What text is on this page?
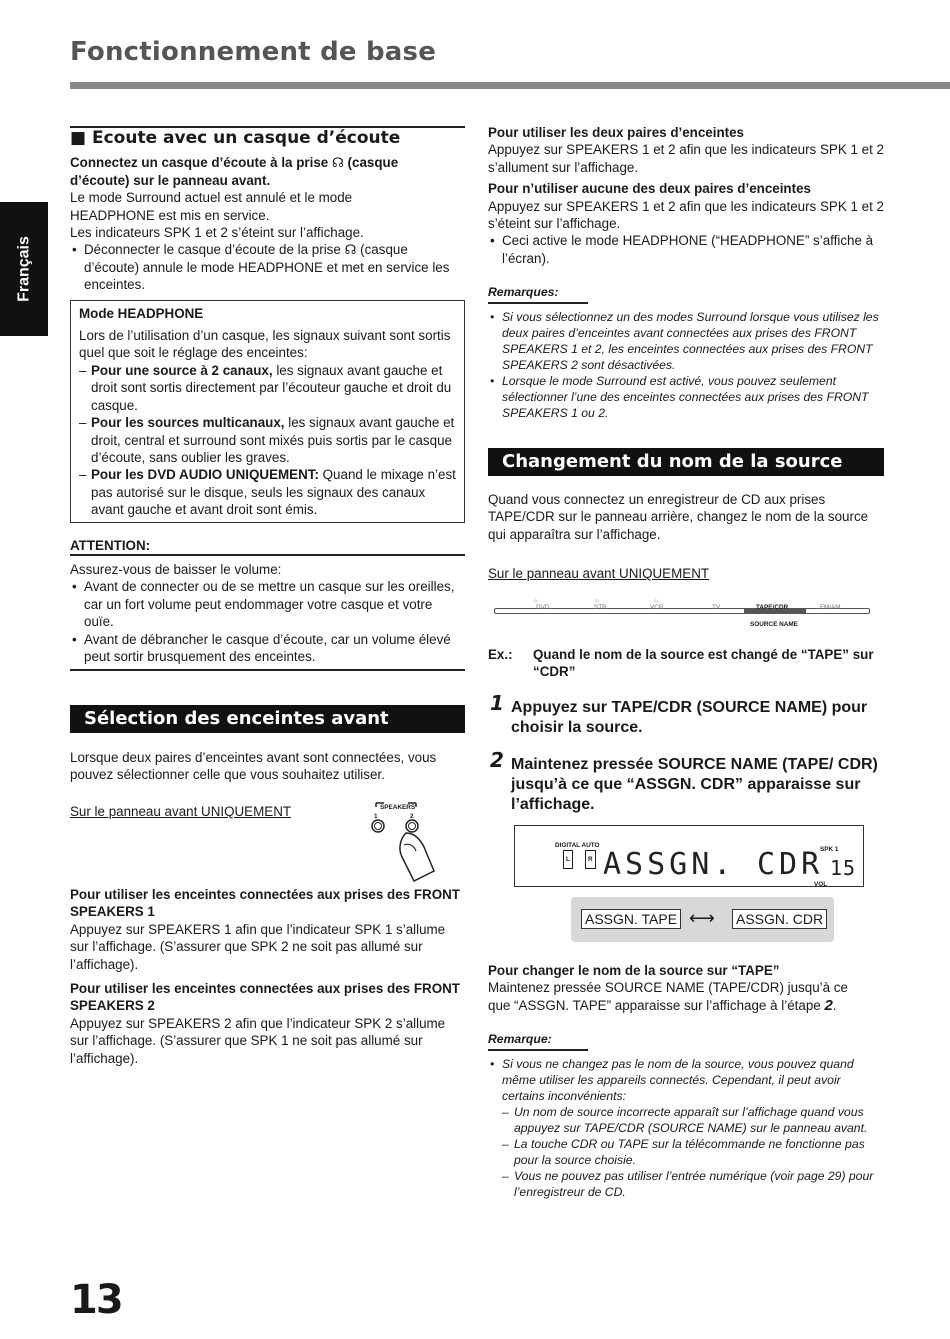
Fonctionnement de base
Français
■ Ecoute avec un casque d’écoute

Connectez un casque d’écoute à la prise ☊ (casque

d’écoute) sur le panneau avant.

Le mode Surround actuel est annulé et le mode

HEADPHONE est mis en service.

Les indicateurs SPK 1 et 2 s’éteint sur l’affichage.

• Déconnecter le casque d’écoute de la prise ☊ (casque d’écoute) annule le mode HEADPHONE et met en service les enceintes.

Mode HEADPHONE

Lors de l’utilisation d’un casque, les signaux suivant sont sortis quel que soit le réglage des enceintes:

– Pour une source à 2 canaux, les signaux avant gauche et droit sont sortis directement par l’écouteur gauche et droit du casque.
– Pour les sources multicanaux, les signaux avant gauche et droit, central et surround sont mixés puis sortis par le casque d’écoute, sans oublier les graves.
– Pour les DVD AUDIO UNIQUEMENT: Quand le mixage n’est pas autorisé sur le disque, seuls les signaux des canaux avant gauche et avant droit sont émis.

ATTENTION:

Assurez-vous de baisser le volume:

• Avant de connecter ou de se mettre un casque sur les oreilles, car un fort volume peut endommager votre casque et votre ouïe.
• Avant de débrancher le casque d’écoute, car un volume élevé peut sortir brusquement des enceintes.
Sélection des enceintes avant

Lorsque deux paires d’enceintes avant sont connectées, vous pouvez sélectionner celle que vous souhaitez utiliser.

Sur le panneau avant UNIQUEMENT	SPEAKERS
1	2

Pour utiliser les enceintes connectées aux prises des FRONT SPEAKERS 1

Appuyez sur SPEAKERS 1 afin que l’indicateur SPK 1 s’allume sur l’affichage. (S’assurer que SPK 2 ne soit pas allumé sur l’affichage).

Pour utiliser les enceintes connectées aux prises des FRONT SPEAKERS 2

Appuyez sur SPEAKERS 2 afin que l’indicateur SPK 2 s’allume sur l’affichage. (S’assurer que SPK 1 ne soit pas allumé sur l’affichage).

Pour utiliser les deux paires d’enceintes

Appuyez sur SPEAKERS 1 et 2 afin que les indicateurs SPK 1 et 2 s’allument sur l’affichage.

Pour n’utiliser aucune des deux paires d’enceintes

Appuyez sur SPEAKERS 1 et 2 afin que les indicateurs SPK 1 et 2 s’éteint sur l’affichage.

• Ceci active le mode HEADPHONE (“HEADPHONE” s’affiche à l’écran).

Remarques:

• Si vous sélectionnez un des modes Surround lorsque vous utilisez les deux paires d’enceintes avant connectées aux prises des FRONT SPEAKERS 1 et 2, les enceintes connectées aux prises des FRONT SPEAKERS 2 sont désactivées.
• Lorsque le mode Surround est activé, vous pouvez seulement sélectionner l’une des enceintes connectées aux prises des FRONT SPEAKERS 1 ou 2.
Changement du nom de la source

Quand vous connectez un enregistreur de CD aux prises TAPE/CDR sur le panneau arrière, changez le nom de la source qui apparaîtra sur l’affichage.

Sur le panneau avant UNIQUEMENT

○	○	○
DVD	STB	VCR	TV	TAPE/CDR	FM/AM
SOURCE NAME
Ex.: Quand le nom de la source est changé de “TAPE” sur “CDR”

1 Appuyez sur TAPE/CDR (SOURCE NAME) pour choisir la source.

2 Maintenez pressée SOURCE NAME (TAPE/ CDR) jusqu’à ce que “ASSGN. CDR” apparaisse sur l’affichage.

DIGITAL AUTO
SPK 1
L	R ASSGN. CDR
VOL
15
ASSGN. TAPE ⟷ ASSGN. CDR

Pour changer le nom de la source sur “TAPE”

Maintenez pressée SOURCE NAME (TAPE/CDR) jusqu’à ce

que “ASSGN. TAPE” apparaisse sur l’affichage à l’étape 2.

Remarque:

• Si vous ne changez pas le nom de la source, vous pouvez quand même utiliser les appareils connectés. Cependant, il peut avoir certains inconvénients:
– Un nom de source incorrecte apparaît sur l’affichage quand vous appuyez sur TAPE/CDR (SOURCE NAME) sur le panneau avant.
– La touche CDR ou TAPE sur la télécommande ne fonctionne pas pour la source choisie.
– Vous ne pouvez pas utiliser l’entrée numérique (voir page 29) pour l’enregistreur de CD.
13
